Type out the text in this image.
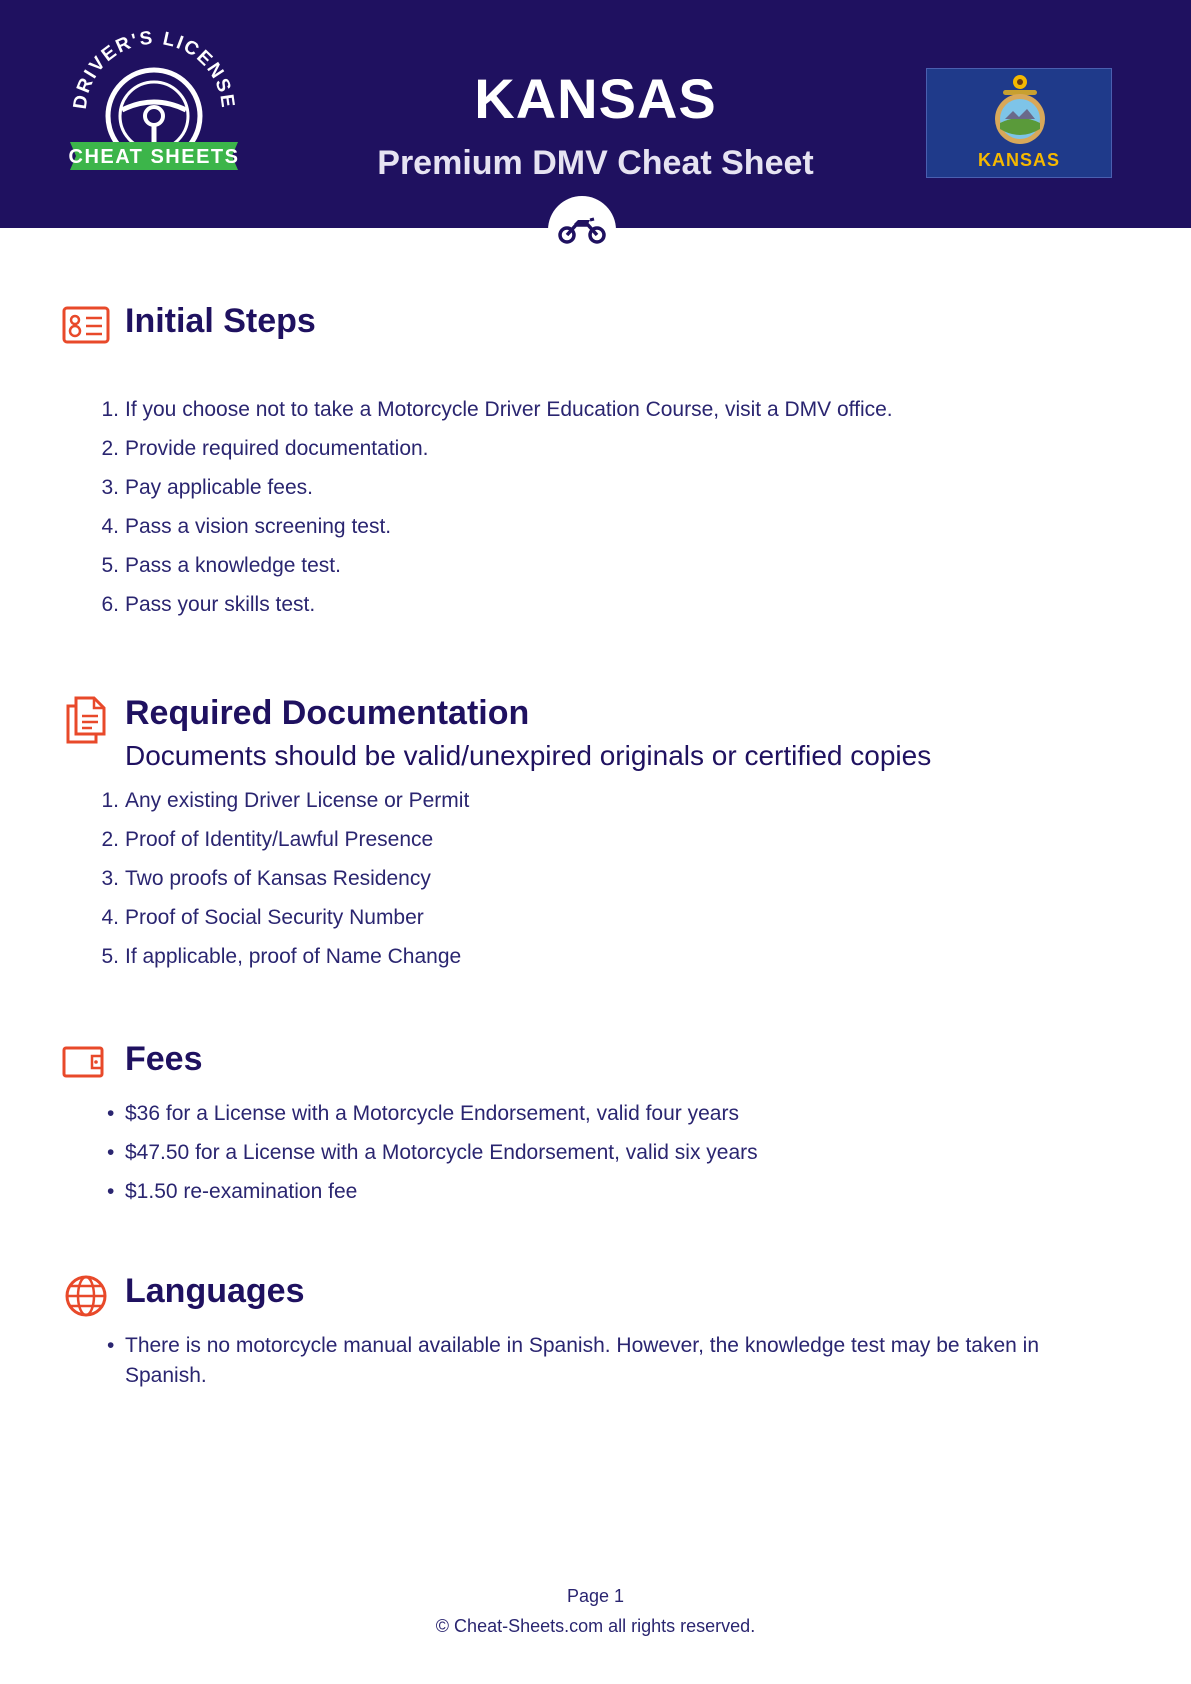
DRIVER'S LICENSE
CHEAT SHEETS
KANSAS
Premium DMV Cheat Sheet	KANSAS
Initial Steps
1. If you choose not to take a Motorcycle Driver Education Course, visit a DMV office.
2. Provide required documentation.
3. Pay applicable fees.
4. Pass a vision screening test.
5. Pass a knowledge test.
6. Pass your skills test.
Required Documentation
Documents should be valid/unexpired originals or certified copies
1. Any existing Driver License or Permit
2. Proof of Identity/Lawful Presence
3. Two proofs of Kansas Residency
4. Proof of Social Security Number
5. If applicable, proof of Name Change
Fees
• $36 for a License with a Motorcycle Endorsement, valid four years
• $47.50 for a License with a Motorcycle Endorsement, valid six years
• $1.50 re-examination fee
Languages
• There is no motorcycle manual available in Spanish. However, the knowledge test may be taken in Spanish.
Page 1
© Cheat-Sheets.com all rights reserved.
